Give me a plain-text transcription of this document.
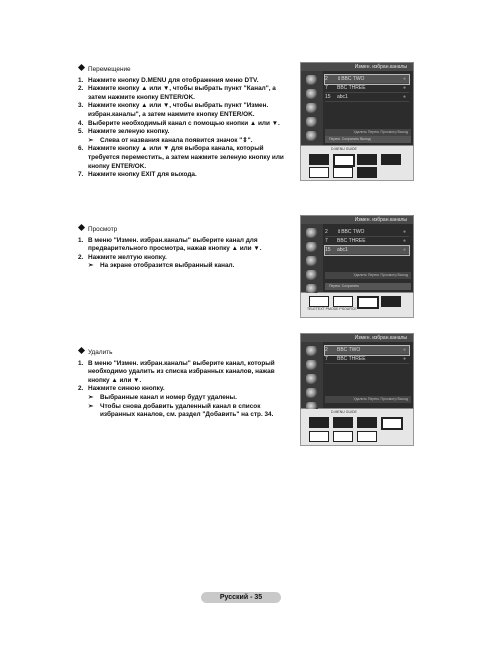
Перемещение
1. Нажмите кнопку D.MENU для отображения меню DTV.
2. Нажмите кнопку ▲ или ▼, чтобы выбрать пункт "Канал", а затем нажмите кнопку ENTER/OK.
3. Нажмите кнопку ▲ или ▼, чтобы выбрать пункт "Измен. избран.каналы", а затем нажмите кнопку ENTER/OK.
4. Выберите необходимый канал с помощью кнопки ▲ или ▼.
5. Нажмите зеленую кнопку.
➣	Слева от названия канала появится значок "⇕".
6. Нажмите кнопку ▲ или ▼ для выбора канала, который требуется переместить, а затем нажмите зеленую кнопку или кнопку ENTER/OK.
7. Нажмите кнопку EXIT для выхода.
Просмотр
1. В меню "Измен. избран.каналы" выберите канал для предварительного просмотра, нажав кнопку ▲ или ▼.
2. Нажмите желтую кнопку.
➣	На экране отобразится выбранный канал.
Удалить
1. В меню "Измен. избран.каналы" выберите канал, который необходимо удалить из списка избранных каналов, нажав кнопку ▲ или ▼.
2. Нажмите синюю кнопку.
➣	Выбранные канал и номер будут удалены.
➣	Чтобы снова добавить удаленный канал в список избранных каналов, см. раздел "Добавить" на стр. 34.
Измен. избран.каналы
2	⇕BBC TWO	●
7	BBC THREE	●
15	abc1	●
Удалить Перем. Просмотр Выход
Перем. Сохранить Выход
D.MENU GUIDE
Измен. избран.каналы
2	⇕BBC TWO	●
7	BBC THREE	●
15	abc1	●
Удалить Перем. Просмотр Выход
Перем. Сохранить
TELETEXT PMODE PSOURCE
Измен. избран.каналы
2	BBC TWO	●
7	BBC THREE	●
Удалить Перем. Просмотр Выход
D.MENU GUIDE
Русский - 35
